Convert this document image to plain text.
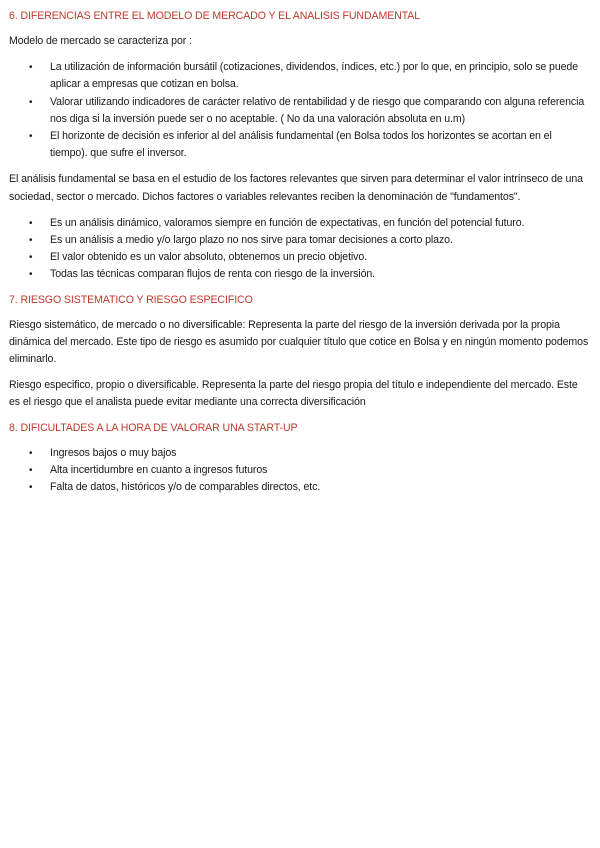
6. DIFERENCIAS ENTRE EL MODELO DE MERCADO Y EL ANALISIS FUNDAMENTAL
Modelo de mercado se caracteriza por :
• La utilización de información bursátil (cotizaciones, dividendos, índices, etc.) por lo que, en principio, solo se puede aplicar a empresas que cotizan en bolsa.
• Valorar utilizando indicadores de carácter relativo de rentabilidad y de riesgo que comparando con alguna referencia nos diga si la inversión puede ser o no aceptable. ( No da una valoración absoluta en u.m)
• El horizonte de decisión es inferior al del análisis fundamental (en Bolsa todos los horizontes se acortan en el tiempo). que sufre el inversor.
El análisis fundamental se basa en el estudio de los factores relevantes que sirven para determinar el valor intrínseco de una sociedad, sector o mercado. Dichos factores o variables relevantes reciben la denominación de "fundamentos".
• Es un análisis dinámico, valoramos siempre en función de expectativas, en función del potencial futuro.
• Es un análisis a medio y/o largo plazo no nos sirve para tomar decisiones a corto plazo.
• El valor obtenido es un valor absoluto, obtenemos un precio objetivo.
• Todas las técnicas comparan flujos de renta con riesgo de la inversión.
7. RIESGO SISTEMATICO Y RIESGO ESPECIFICO
Riesgo sistemático, de mercado o no diversificable: Representa la parte del riesgo de la inversión derivada por la propia dinámica del mercado. Este tipo de riesgo es asumido por cualquier título que cotice en Bolsa y en ningún momento podemos eliminarlo.
Riesgo especifico, propio o diversificable. Representa la parte del riesgo propia del título e independiente del mercado. Este es el riesgo que el analista puede evitar mediante una correcta diversificación
8. DIFICULTADES A LA HORA DE VALORAR UNA START-UP
• Ingresos bajos o muy bajos
• Alta incertidumbre en cuanto a ingresos futuros
• Falta de datos, históricos y/o de comparables directos, etc.
